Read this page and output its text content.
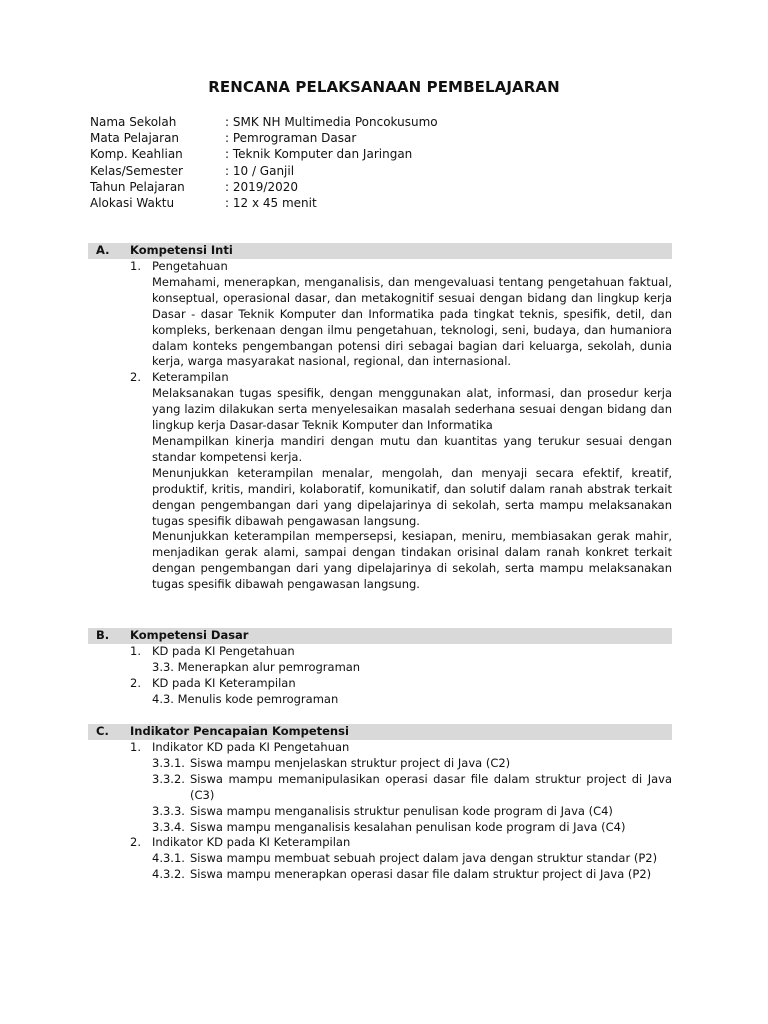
RENCANA PELAKSANAAN PEMBELAJARAN
Nama Sekolah	: SMK NH Multimedia Poncokusumo
Mata Pelajaran	: Pemrograman Dasar
Komp. Keahlian	: Teknik Komputer dan Jaringan
Kelas/Semester	: 10 / Ganjil
Tahun Pelajaran	: 2019/2020
Alokasi Waktu	: 12 x 45 menit
A.	Kompetensi Inti
1. Pengetahuan
Memahami, menerapkan, menganalisis, dan mengevaluasi tentang pengetahuan faktual, konseptual, operasional dasar, dan metakognitif sesuai dengan bidang dan lingkup kerja Dasar - dasar Teknik Komputer dan Informatika pada tingkat teknis, spesifik, detil, dan kompleks, berkenaan dengan ilmu pengetahuan, teknologi, seni, budaya, dan humaniora dalam konteks pengembangan potensi diri sebagai bagian dari keluarga, sekolah, dunia kerja, warga masyarakat nasional, regional, dan internasional.
2. Keterampilan
Melaksanakan tugas spesifik, dengan menggunakan alat, informasi, dan prosedur kerja yang lazim dilakukan serta menyelesaikan masalah sederhana sesuai dengan bidang dan lingkup kerja Dasar-dasar Teknik Komputer dan Informatika
Menampilkan kinerja mandiri dengan mutu dan kuantitas yang terukur sesuai dengan standar kompetensi kerja.
Menunjukkan keterampilan menalar, mengolah, dan menyaji secara efektif, kreatif, produktif, kritis, mandiri, kolaboratif, komunikatif, dan solutif dalam ranah abstrak terkait dengan pengembangan dari yang dipelajarinya di sekolah, serta mampu melaksanakan tugas spesifik dibawah pengawasan langsung.
Menunjukkan keterampilan mempersepsi, kesiapan, meniru, membiasakan gerak mahir, menjadikan gerak alami, sampai dengan tindakan orisinal dalam ranah konkret terkait dengan pengembangan dari yang dipelajarinya di sekolah, serta mampu melaksanakan tugas spesifik dibawah pengawasan langsung.
B.	Kompetensi Dasar
1. KD pada KI Pengetahuan
3.3. Menerapkan alur pemrograman
2. KD pada KI Keterampilan
4.3. Menulis kode pemrograman
C.	Indikator Pencapaian Kompetensi
1. Indikator KD pada KI Pengetahuan
3.3.1. Siswa mampu menjelaskan struktur project di Java (C2)
3.3.2. Siswa mampu memanipulasikan operasi dasar file dalam struktur project di Java (C3)
3.3.3. Siswa mampu menganalisis struktur penulisan kode program di Java (C4)
3.3.4. Siswa mampu menganalisis kesalahan penulisan kode program di Java (C4)
2. Indikator KD pada KI Keterampilan
4.3.1. Siswa mampu membuat sebuah project dalam java dengan struktur standar (P2)
4.3.2. Siswa mampu menerapkan operasi dasar file dalam struktur project di Java (P2)
